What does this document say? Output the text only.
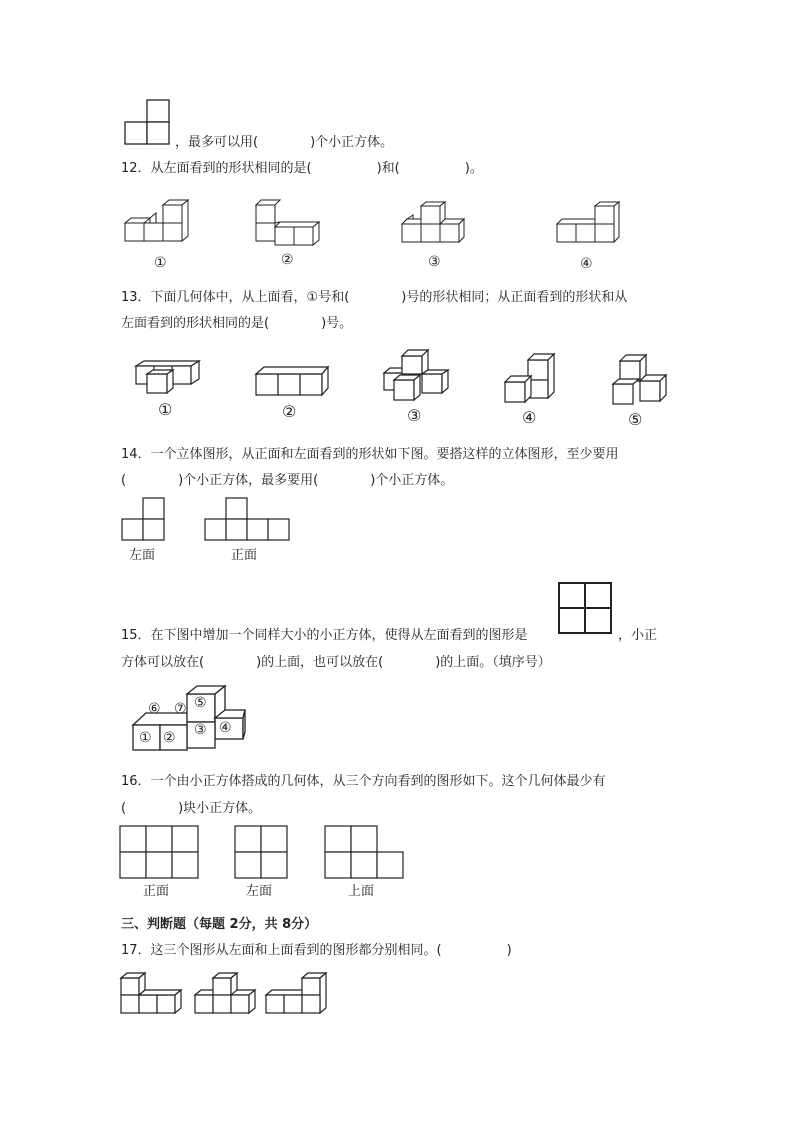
，最多可以用(　　　　)个小正方体。
12．从左面看到的形状相同的是(　　　　　)和(　　　　　)。
①	②	③	④
13．下面几何体中，从上面看，①号和(　　　　)号的形状相同；从正面看到的形状和从
左面看到的形状相同的是(　　　　)号。
①	②	③	④	⑤
14．一个立体图形，从正面和左面看到的形状如下图。要搭这样的立体图形，至少要用
(　　　　)个小正方体，最多要用(　　　　)个小正方体。
左面	正面
15．在下图中增加一个同样大小的小正方体，使得从左面看到的图形是	，小正
方体可以放在(　　　　)的上面，也可以放在(　　　　)的上面。（填序号）
⑥ ⑦ ⑤
④
③
① ②
16．一个由小正方体搭成的几何体，从三个方向看到的图形如下。这个几何体最少有
(　　　　)块小正方体。
正面	左面	上面
三、判断题（每题 2分，共 8分）
17．这三个图形从左面和上面看到的图形都分别相同。(　　　　　)
